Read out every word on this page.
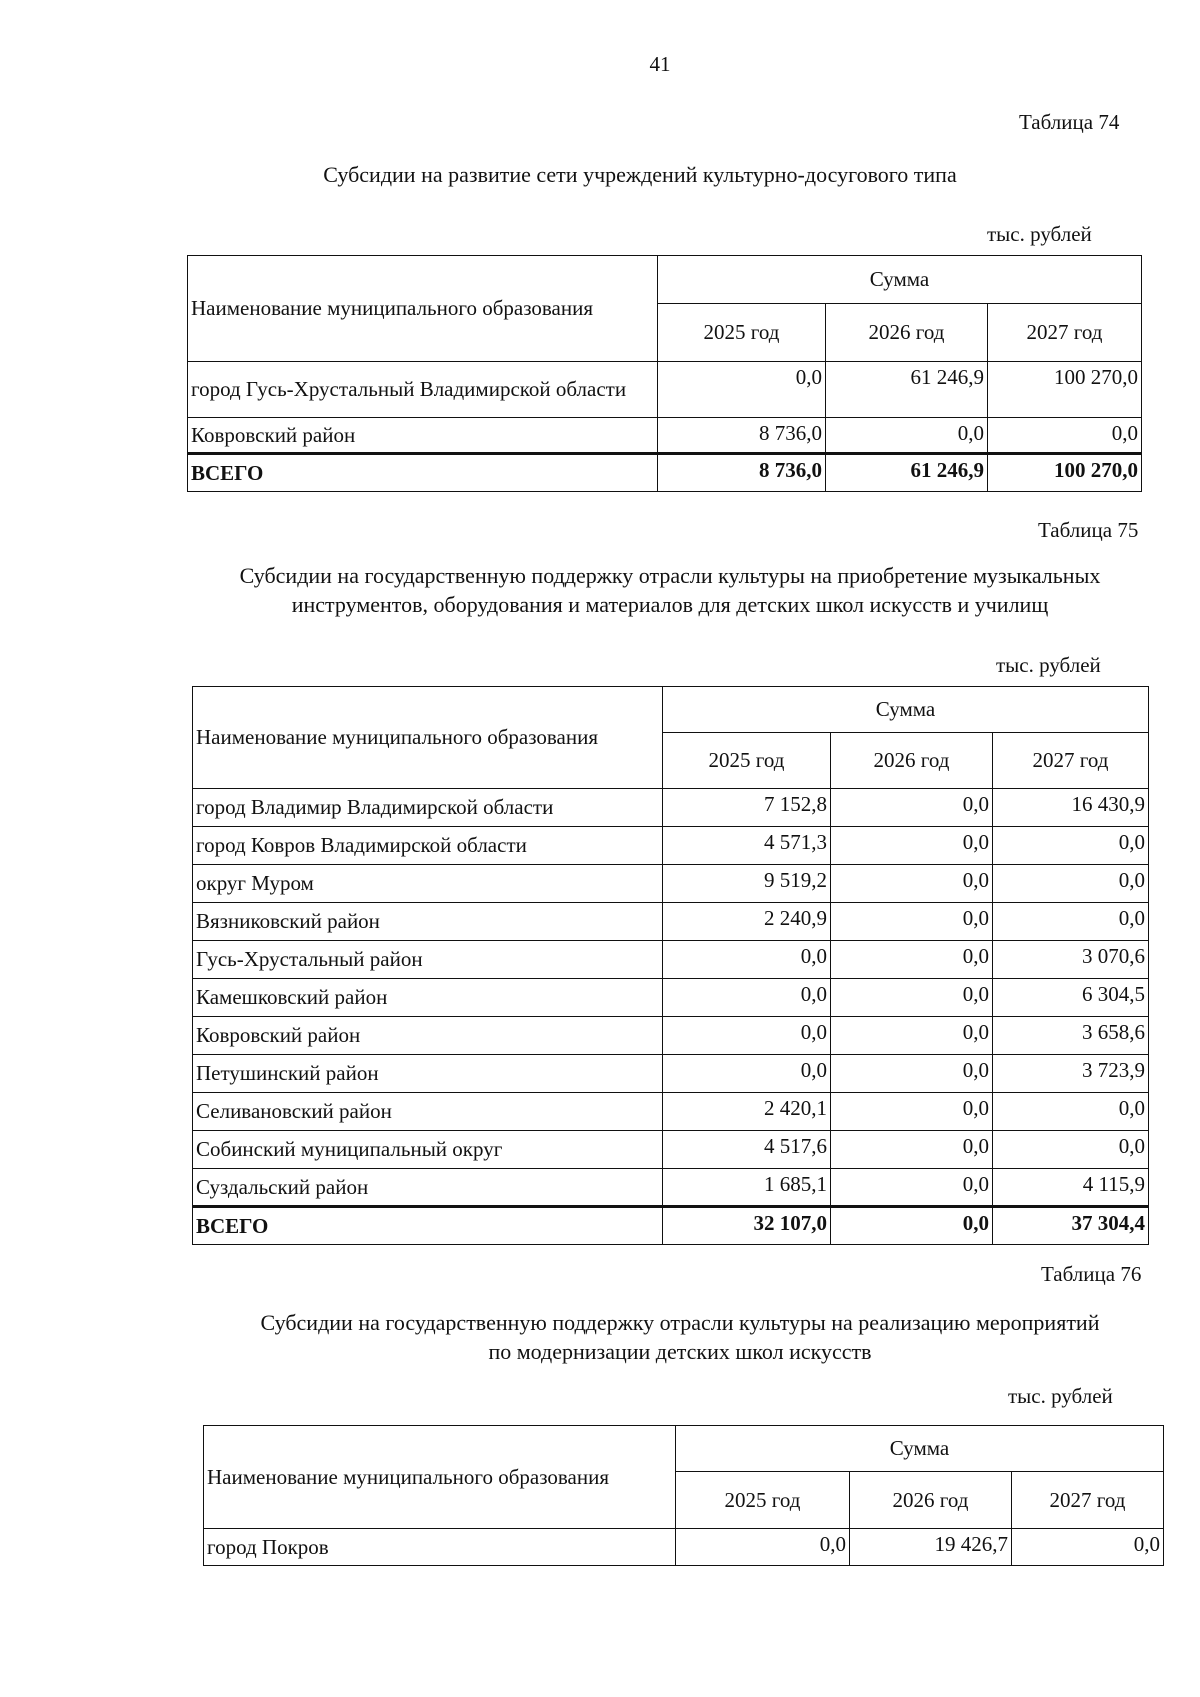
41
Таблица 74
Субсидии на развитие сети учреждений культурно-досугового типа
тыс. рублей
Наименование муниципального образования	Сумма		
	2025 год	2026 год	2027 год
город Гусь-Хрустальный Владимирской области	0,0	61 246,9	100 270,0
Ковровский район	8 736,0	0,0	0,0
ВСЕГО	8 736,0	61 246,9	100 270,0
Таблица 75
Субсидии на государственную поддержку отрасли культуры на приобретение музыкальных
инструментов, оборудования и материалов для детских школ искусств и училищ
тыс. рублей
Наименование муниципального образования	Сумма		
	2025 год	2026 год	2027 год
город Владимир Владимирской области	7 152,8	0,0	16 430,9
город Ковров Владимирской области	4 571,3	0,0	0,0
округ Муром	9 519,2	0,0	0,0
Вязниковский район	2 240,9	0,0	0,0
Гусь-Хрустальный район	0,0	0,0	3 070,6
Камешковский район	0,0	0,0	6 304,5
Ковровский район	0,0	0,0	3 658,6
Петушинский район	0,0	0,0	3 723,9
Селивановский район	2 420,1	0,0	0,0
Собинский муниципальный округ	4 517,6	0,0	0,0
Суздальский район	1 685,1	0,0	4 115,9
ВСЕГО	32 107,0	0,0	37 304,4
Таблица 76
Субсидии на государственную поддержку отрасли культуры на реализацию мероприятий
по модернизации детских школ искусств
тыс. рублей
Наименование муниципального образования	Сумма		
	2025 год	2026 год	2027 год
город Покров	0,0	19 426,7	0,0
